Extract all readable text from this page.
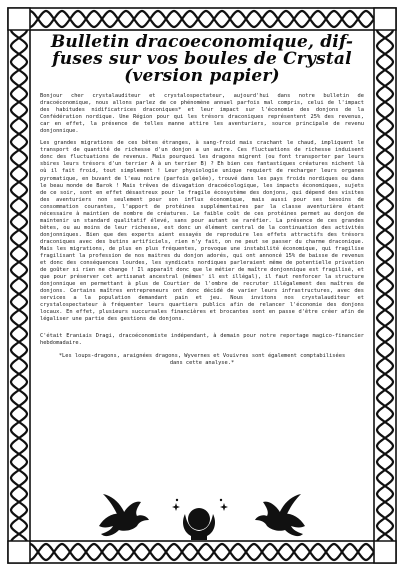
Bulletin dracoeconomique, dif-
fuses sur vos boules de Crystal
(version papier)

Bonjour cher crystalauditeur et crystalospectateur, aujourd'hui dans notre bulletin de dracoéconomique, nous allons parlez de ce phénomène annuel parfois mal compris, celui de l'impact des habitudes nidificatrices draconiques* et leur impact sur l'économie des donjons de la Confédération nordique. Une Région pour qui les trésors draconiques représentent 25% des revenus, car en effet, la présence de telles manne attire les aventuriers, source principale de revenu donjonnique.

Les grandes migrations de ces bêtes étranges, à sang-froid mais crachant le chaud, impliquent le transport de quantité de richesse d'un donjon a un autre. Ces fluctuations de richesse induisent donc des fluctuations de revenus. Mais pourquoi les dragons migrent (ou font transporter par leurs sbires leurs trésors d'un terrier A à un terrier B) ? Eh bien ces fantastiques créatures nichent là où il fait froid, tout simplement ! Leur physiologie unique requiert de recharger leurs organes pyromatique, en buvant de l'eau noire (parfois gelée), trouvé dans les pays froids nordiques ou dans le beau monde de Barok ! Mais trêves de divagation dracoécologique, les impacts économiques, sujets de ce soir, sont en effet désastreux pour le fragile écosystème des donjons, qui dépend des visites des aventuriers non seulement pour son influx économique, mais aussi pour ses besoins de consommation courantes, l'apport de protéines supplémentaires par la classe aventurière étant nécessaire à maintien de nombre de créatures. Le faible coût de ces protéines permet au donjon de maintenir un standard qualitatif élevé, sans pour autant se raréfier. La présence de ces grandes bêtes, ou au moins de leur richesse, est donc un élément central de la continuation des activités donjonniques. Bien que des experts aient essayés de reproduire les effets attractifs des trésors draconiques avec des butins artificiels, rien n'y fait, on ne peut se passer du charme draconique. Mais les migrations, de plus en plus fréquentes, provoque une instabilité économique, qui fragilise fragilisant la profession de nos maitres du donjon adorés, qui ont annoncé 15% de baisse de revenus et donc des conséquences lourdes, les syndicats nordiques parleraient même de potentielle privation de goûter si rien ne change ! Il apparaît donc que le métier de maître donjonnique est fragilisé, et que pour préserver cet artisanat ancestral (mêmes' il est illégal), il faut renforcer la structure donjonnique en permettant à plus de Courtier de l'ombre de recruter illégalement des maîtres de donjons. Certains maîtres entrepreneurs ont donc décidé de varier leurs infrastructures, avec des services a la population demandant pain et jeu. Nous invitons nos crystalauditeur et crystalospectateur à fréquenter leurs quartiers publics afin de relancer l'économie des donjons locaux. En effet, plusieurs succursales financières et brocantes sont en passe d'être créer afin de légaliser une partie des gestions de donjons.

C'était Eraniais Dragi, dracoéconomiste indépendant, à demain pour notre reportage magico-financier hebdomadaire.

*Les loups-dragons, araignées dragons, Wyvernes et Vouivres sont également comptabilisées dans cette analyse.*
